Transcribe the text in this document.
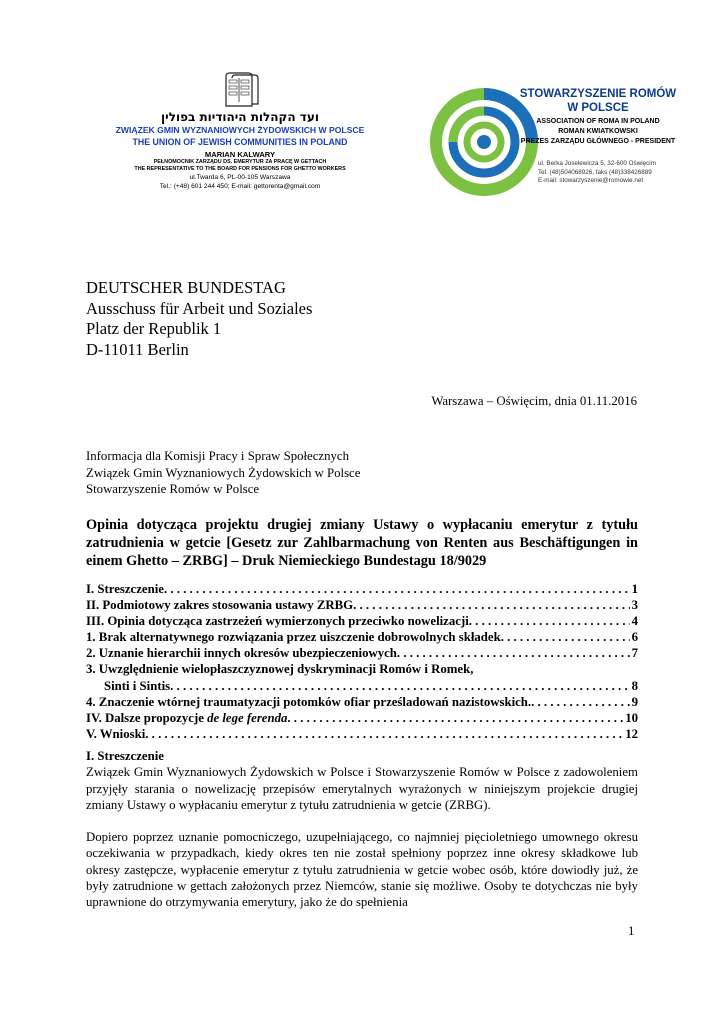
ועד הקהלות היהודיות בפולין
ZWIĄZEK GMIN WYZNANIOWYCH ŻYDOWSKICH W POLSCE
THE UNION OF JEWISH COMMUNITIES IN POLAND
MARIAN KALWARY
PEŁNOMOCNIK ZARZĄDU DS. EMERYTUR ZA PRACĘ W GETTACH
THE REPRESENTATIVE TO THE BOARD FOR PENSIONS FOR GHETTO WORKERS
ul.Twarda 6, PL-00-105 Warszawa
Tel.: (+48) 601 244 450; E-mail: gettorenta@gmail.com
STOWARZYSZENIE ROMÓW
W POLSCE
ASSOCIATION OF ROMA IN POLAND
ROMAN KWIATKOWSKI
PREZES ZARZĄDU GŁÓWNEGO - PRESIDENT
ul. Berka Joselewicza 5, 32-600 Oświęcim
Tel. (48)504068926, faks (48)338426889
E-mail: stowarzyszenie@romowie.net
DEUTSCHER BUNDESTAG
Ausschuss für Arbeit und Soziales
Platz der Republik 1
D-11011 Berlin
Warszawa – Oświęcim, dnia 01.11.2016
Informacja dla Komisji Pracy i Spraw Społecznych
Związek Gmin Wyznaniowych Żydowskich w Polsce
Stowarzyszenie Romów w Polsce
Opinia dotycząca projektu drugiej zmiany Ustawy o wypłacaniu emerytur z tytułu zatrudnienia w getcie [Gesetz zur Zahlbarmachung von Renten aus Beschäftigungen in einem Ghetto – ZRBG] – Druk Niemieckiego Bundestagu 18/9029
I. Streszczenie . . .	1
II. Podmiotowy zakres stosowania ustawy ZRBG . . .	3
III. Opinia dotycząca zastrzeżeń wymierzonych przeciwko nowelizacji . . .	4
1. Brak alternatywnego rozwiązania przez uiszczenie dobrowolnych składek . . .	6
2. Uznanie hierarchii innych okresów ubezpieczeniowych . . .	7
3. Uwzględnienie wielopłaszczyznowej dyskryminacji Romów i Romek,
Sinti i Sintis . . .	8
4. Znaczenie wtórnej traumatyzacji potomków ofiar prześladowań nazistowskich. . . .	9
IV. Dalsze propozycje de lege ferenda . . .	10
V. Wnioski . . .	12
I. Streszczenie
Związek Gmin Wyznaniowych Żydowskich w Polsce i Stowarzyszenie Romów w Polsce z zadowoleniem przyjęły starania o nowelizację przepisów emerytalnych wyrażonych w niniejszym projekcie drugiej zmiany Ustawy o wypłacaniu emerytur z tytułu zatrudnienia w getcie (ZRBG).
Dopiero poprzez uznanie pomocniczego, uzupełniającego, co najmniej pięcioletniego umownego okresu oczekiwania w przypadkach, kiedy okres ten nie został spełniony poprzez inne okresy składkowe lub okresy zastępcze, wypłacenie emerytur z tytułu zatrudnienia w getcie wobec osób, które dowiodły już, że były zatrudnione w gettach założonych przez Niemców, stanie się możliwe. Osoby te dotychczas nie były uprawnione do otrzymywania emerytury, jako że do spełnienia
1
